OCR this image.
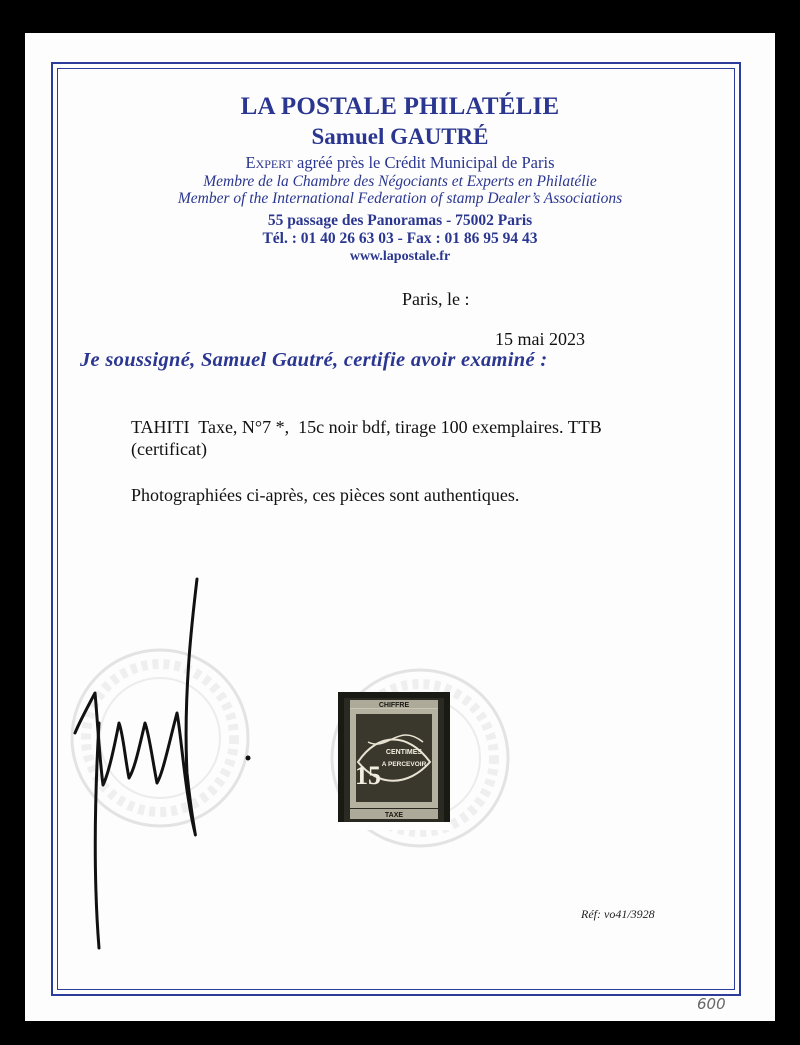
LA POSTALE PHILATÉLIE
Samuel GAUTRÉ
Expert agréé près le Crédit Municipal de Paris
Membre de la Chambre des Négociants et Experts en Philatélie
Member of the International Federation of stamp Dealer’s Associations
55 passage des Panoramas - 75002 Paris
Tél. : 01 40 26 63 03 - Fax : 01 86 95 94 43
www.lapostale.fr
Paris, le :
15 mai 2023
Je soussigné, Samuel Gautré, certifie avoir examiné :
TAHITI  Taxe, N°7 *,  15c noir bdf, tirage 100 exemplaires. TTB
(certificat)
Photographiées ci-après, ces pièces sont authentiques.
CHIFFRE
15
CENTIMES
A PERCEVOIR
TAXE
Réf: vo41/3928
600
